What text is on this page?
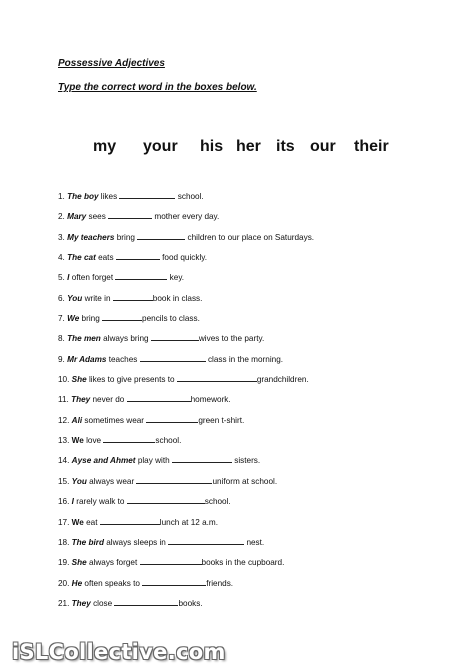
Possessive Adjectives
Type the correct word in the boxes below.
my your his her its our their
1. The boy likes	school.
2. Mary sees	mother every day.
3. My teachers bring	children to our place on Saturdays.
4. The cat eats	food quickly.
5. I often forget	key.
6. You write in	book in class.
7. We bring	pencils to class.
8. The men always bring	wives to the party.
9. Mr Adams teaches	class in the morning.
10. She likes to give presents to	grandchildren.
11. They never do	homework.
12. Ali sometimes wear	green t-shirt.
13. We love	school.
14. Ayse and Ahmet play with	sisters.
15. You always wear	uniform at school.
16. I rarely walk to	school.
17. We eat	lunch at 12 a.m.
18. The bird always sleeps in	nest.
19. She always forget	books in the cupboard.
20. He often speaks to	friends.
21. They close	books.
iSLCollective.com
